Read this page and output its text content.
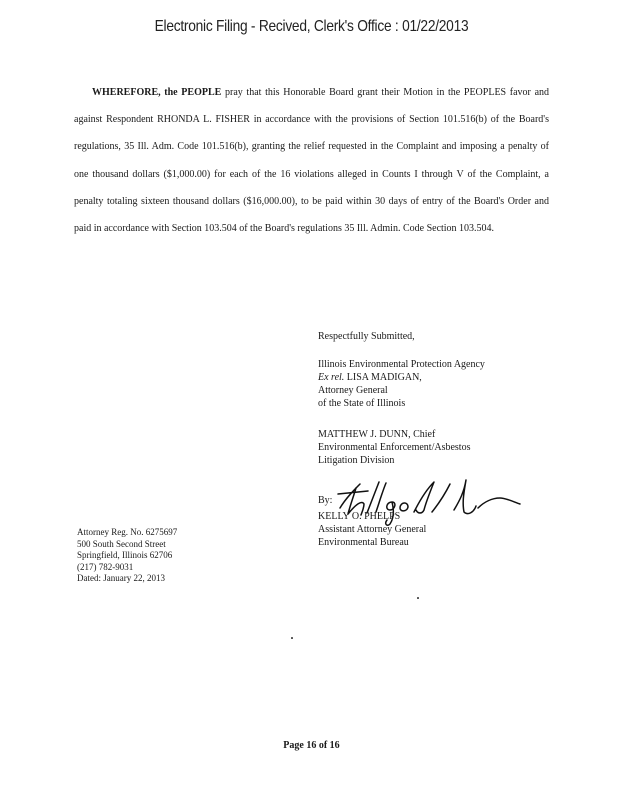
Electronic Filing - Recived, Clerk's Office : 01/22/2013

WHEREFORE, the PEOPLE pray that this Honorable Board grant their Motion in the PEOPLES favor and against Respondent RHONDA L. FISHER in accordance with the provisions of Section 101.516(b) of the Board's regulations, 35 Ill. Adm. Code 101.516(b), granting the relief requested in the Complaint and imposing a penalty of one thousand dollars ($1,000.00) for each of the 16 violations alleged in Counts I through V of the Complaint, a penalty totaling sixteen thousand dollars ($16,000.00), to be paid within 30 days of entry of the Board's Order and paid in accordance with Section 103.504 of the Board's regulations 35 Ill. Admin. Code Section 103.504.

Respectfully Submitted,
Illinois Environmental Protection Agency
Ex rel. LISA MADIGAN,
Attorney General
of the State of Illinois
MATTHEW J. DUNN, Chief
Environmental Enforcement/Asbestos
Litigation Division
By:
KELLY O. PHELPS
Assistant Attorney General
Environmental Bureau
Attorney Reg. No. 6275697
500 South Second Street
Springfield, Illinois 62706
(217) 782-9031
Dated: January 22, 2013
Page 16 of 16
